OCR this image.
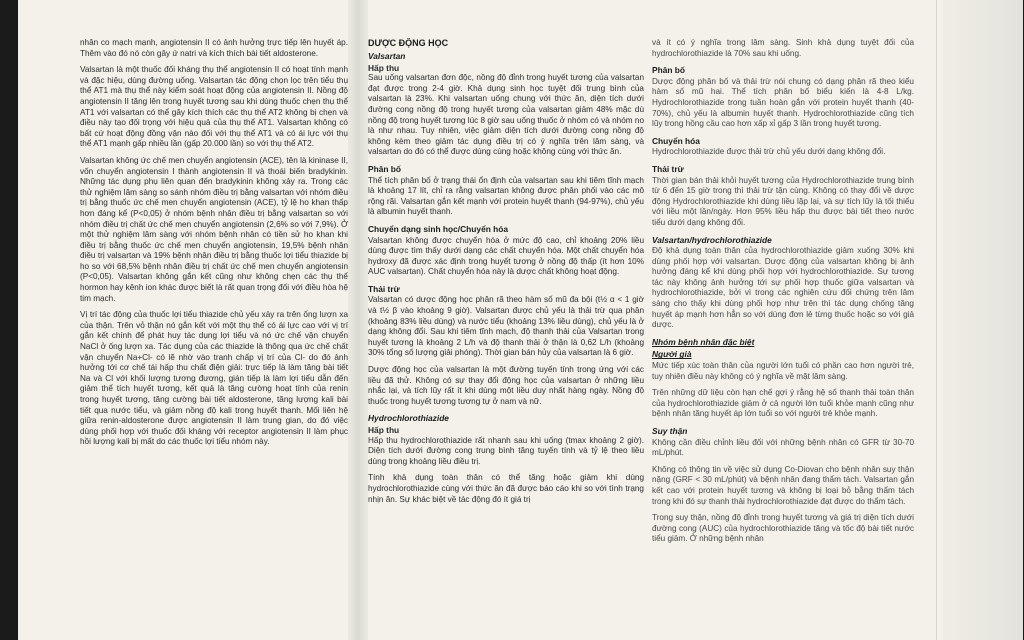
nhân co mạch mạnh, angiotensin II có ảnh hưởng trực tiếp lên huyết áp. Thêm vào đó nó còn gây ứ natri và kích thích bài tiết aldosterone.

Valsartan là một thuốc đối kháng thụ thể angiotensin II có hoạt tính mạnh và đặc hiệu, dùng đường uống. Valsartan tác động chọn lọc trên tiểu thụ thể AT1 mà thụ thể này kiểm soát hoạt động của angiotensin II. Nồng độ angiotensin II tăng lên trong huyết tương sau khi dùng thuốc chẹn thụ thể AT1 với valsartan có thể gây kích thích các thụ thể AT2 không bị chẹn và điều này tạo đối trọng với hiệu quả của thụ thể AT1. Valsartan không có bất cứ hoạt động đồng vận nào đối với thụ thể AT1 và có ái lực với thụ thể AT1 mạnh gấp nhiều lần (gấp 20.000 lần) so với thụ thể AT2.

Valsartan không ức chế men chuyển angiotensin (ACE), tên là kininase II, vốn chuyển angiotensin I thành angiotensin II và thoái biến bradykinin. Những tác dụng phụ liên quan đến bradykinin không xảy ra. Trong các thử nghiệm lâm sàng so sánh nhóm điều trị bằng valsartan với nhóm điều trị bằng thuốc ức chế men chuyển angiotensin (ACE), tỷ lệ ho khan thấp hơn đáng kể (P<0,05) ở nhóm bệnh nhân điều trị bằng valsartan so với nhóm điều trị chất ức chế men chuyển angiotensin (2,6% so với 7,9%). Ở một thử nghiệm lâm sàng với nhóm bệnh nhân có tiền sử ho khan khi điều trị bằng thuốc ức chế men chuyển angiotensin, 19,5% bệnh nhân điều trị valsartan và 19% bệnh nhân điều trị bằng thuốc lợi tiểu thiazide bị ho so với 68,5% bệnh nhân điều trị chất ức chế men chuyển angiotensin (P<0,05). Valsartan không gắn kết cũng như không chẹn các thụ thể hormon hay kênh ion khác được biết là rất quan trọng đối với điều hòa hệ tim mạch.

Vị trí tác động của thuốc lợi tiểu thiazide chủ yếu xảy ra trên ống lượn xa của thận. Trên vỏ thận nó gắn kết với một thụ thể có ái lực cao với vị trí gắn kết chính để phát huy tác dụng lợi tiểu và nó ức chế vận chuyển NaCl ở ống lượn xa. Tác dụng của các thiazide là thông qua ức chế chất vận chuyển Na+Cl- có lẽ nhờ vào tranh chấp vị trí của Cl- do đó ảnh hưởng tới cơ chế tái hấp thu chất điện giải: trực tiếp là làm tăng bài tiết Na và Cl với khối lượng tương đương, gián tiếp là làm lợi tiểu dẫn đến giảm thể tích huyết tương, kết quả là tăng cường hoạt tính của renin trong huyết tương, tăng cường bài tiết aldosterone, tăng lượng kali bài tiết qua nước tiểu, và giảm nồng độ kali trong huyết thanh. Mối liên hệ giữa renin-aldosterone được angiotensin II làm trung gian, do đó việc dùng phối hợp với thuốc đối kháng với receptor angiotensin II làm phục hồi lượng kali bị mất do các thuốc lợi tiểu nhóm này.

DƯỢC ĐỘNG HỌC
Valsartan
Hấp thu

Sau uống valsartan đơn độc, nồng độ đỉnh trong huyết tương của valsartan đạt được trong 2-4 giờ. Khả dụng sinh học tuyệt đối trung bình của valsartan là 23%. Khi valsartan uống chung với thức ăn, diện tích dưới đường cong nồng độ trong huyết tương của valsartan giảm 48% mặc dù nồng độ trong huyết tương lúc 8 giờ sau uống thuốc ở nhóm có và nhóm no là như nhau. Tuy nhiên, việc giảm diện tích dưới đường cong nồng độ không kèm theo giảm tác dụng điều trị có ý nghĩa trên lâm sàng, và valsartan do đó có thể được dùng cùng hoặc không cùng với thức ăn.

Phân bố

Thể tích phân bố ở trạng thái ổn định của valsartan sau khi tiêm tĩnh mạch là khoảng 17 lít, chỉ ra rằng valsartan không được phân phối vào các mô rộng rãi. Valsartan gắn kết mạnh với protein huyết thanh (94-97%), chủ yếu là albumin huyết thanh.

Chuyển dạng sinh học/Chuyển hóa

Valsartan không được chuyển hóa ở mức độ cao, chỉ khoảng 20% liều dùng được tìm thấy dưới dạng các chất chuyển hóa. Một chất chuyển hóa hydroxy đã được xác định trong huyết tương ở nồng độ thấp (ít hơn 10% AUC valsartan). Chất chuyển hóa này là dược chất không hoạt động.

Thải trừ

Valsartan có dược động học phân rã theo hàm số mũ đa bội (t½ α < 1 giờ và t½ β vào khoảng 9 giờ). Valsartan được chủ yếu là thải trừ qua phân (khoảng 83% liều dùng) và nước tiểu (khoảng 13% liều dùng), chủ yếu là ở dạng không đổi. Sau khi tiêm tĩnh mạch, độ thanh thải của Valsartan trong huyết tương là khoảng 2 L/h và độ thanh thải ở thận là 0,62 L/h (khoảng 30% tổng số lượng giải phóng). Thời gian bán hủy của valsartan là 6 giờ.

Dược động học của valsartan là một đường tuyến tính trong ứng với các liều đã thử. Không có sự thay đổi động học của valsartan ở những liều nhắc lại, và tích lũy rất ít khi dùng một liều duy nhất hàng ngày. Nồng độ thuốc trong huyết tương tương tự ở nam và nữ.

Hydrochlorothiazide
Hấp thu

Hấp thu hydrochlorothiazide rất nhanh sau khi uống (tmax khoảng 2 giờ). Diện tích dưới đường cong trung bình tăng tuyến tính và tỷ lệ theo liều dùng trong khoảng liều điều trị.

Tính khả dụng toàn thân có thể tăng hoặc giảm khi dùng hydrochlorothiazide cùng với thức ăn đã được báo cáo khi so với tình trạng nhịn ăn. Sự khác biệt về tác động đó ít giá trị

và ít có ý nghĩa trong lâm sàng. Sinh khả dụng tuyệt đối của hydrochlorothiazide là 70% sau khi uống.

Phân bố

Dược động phân bố và thải trừ nói chung có dạng phân rã theo kiểu hàm số mũ hai. Thể tích phân bố biểu kiến là 4-8 L/kg. Hydrochlorothiazide trong tuần hoàn gắn với protein huyết thanh (40-70%), chủ yếu là albumin huyết thanh. Hydrochlorothiazide cũng tích lũy trong hồng cầu cao hơn xấp xỉ gấp 3 lần trong huyết tương.

Chuyển hóa

Hydrochlorothiazide được thải trừ chủ yếu dưới dạng không đổi.

Thải trừ

Thời gian bán thải khỏi huyết tương của Hydrochlorothiazide trung bình từ 6 đến 15 giờ trong thì thải trừ tận cùng. Không có thay đổi về dược động Hydrochlorothiazide khi dùng liều lặp lại, và sự tích lũy là tối thiểu với liều một lần/ngày. Hơn 95% liều hấp thu được bài tiết theo nước tiểu dưới dạng không đổi.

Valsartan/hydrochlorothiazide

Độ khả dụng toàn thân của hydrochlorothiazide giảm xuống 30% khi dùng phối hợp với valsartan. Dược động của valsartan không bị ảnh hưởng đáng kể khi dùng phối hợp với hydrochlorothiazide. Sự tương tác này không ảnh hưởng tới sự phối hợp thuốc giữa valsartan và hydrochlorothiazide, bởi vì trong các nghiên cứu đối chứng trên lâm sàng cho thấy khi dùng phối hợp như trên thì tác dụng chống tăng huyết áp mạnh hơn hẳn so với dùng đơn lẻ từng thuốc hoặc so với giả dược.

Nhóm bệnh nhân đặc biệt
Người già

Mức tiếp xúc toàn thân của người lớn tuổi có phần cao hơn người trẻ, tuy nhiên điều này không có ý nghĩa về mặt lâm sàng.

Trên những dữ liệu còn hạn chế gợi ý rằng hệ số thanh thải toàn thân của hydrochlorothiazide giảm ở cả người lớn tuổi khỏe mạnh cũng như bệnh nhân tăng huyết áp lớn tuổi so với người trẻ khỏe mạnh.

Suy thận

Không cần điều chỉnh liều đối với những bệnh nhân có GFR từ 30-70 mL/phút.

Không có thông tin về việc sử dụng Co-Diovan cho bệnh nhân suy thận nặng (GRF < 30 mL/phút) và bệnh nhân đang thẩm tách. Valsartan gắn kết cao với protein huyết tương và không bị loại bỏ bằng thẩm tách trong khi đó sự thanh thải hydrochlorothiazide đạt được do thẩm tách.

Trong suy thận, nồng độ đỉnh trong huyết tương và giá trị diện tích dưới đường cong (AUC) của hydrochlorothiazide tăng và tốc độ bài tiết nước tiểu giảm. Ở những bệnh nhân
